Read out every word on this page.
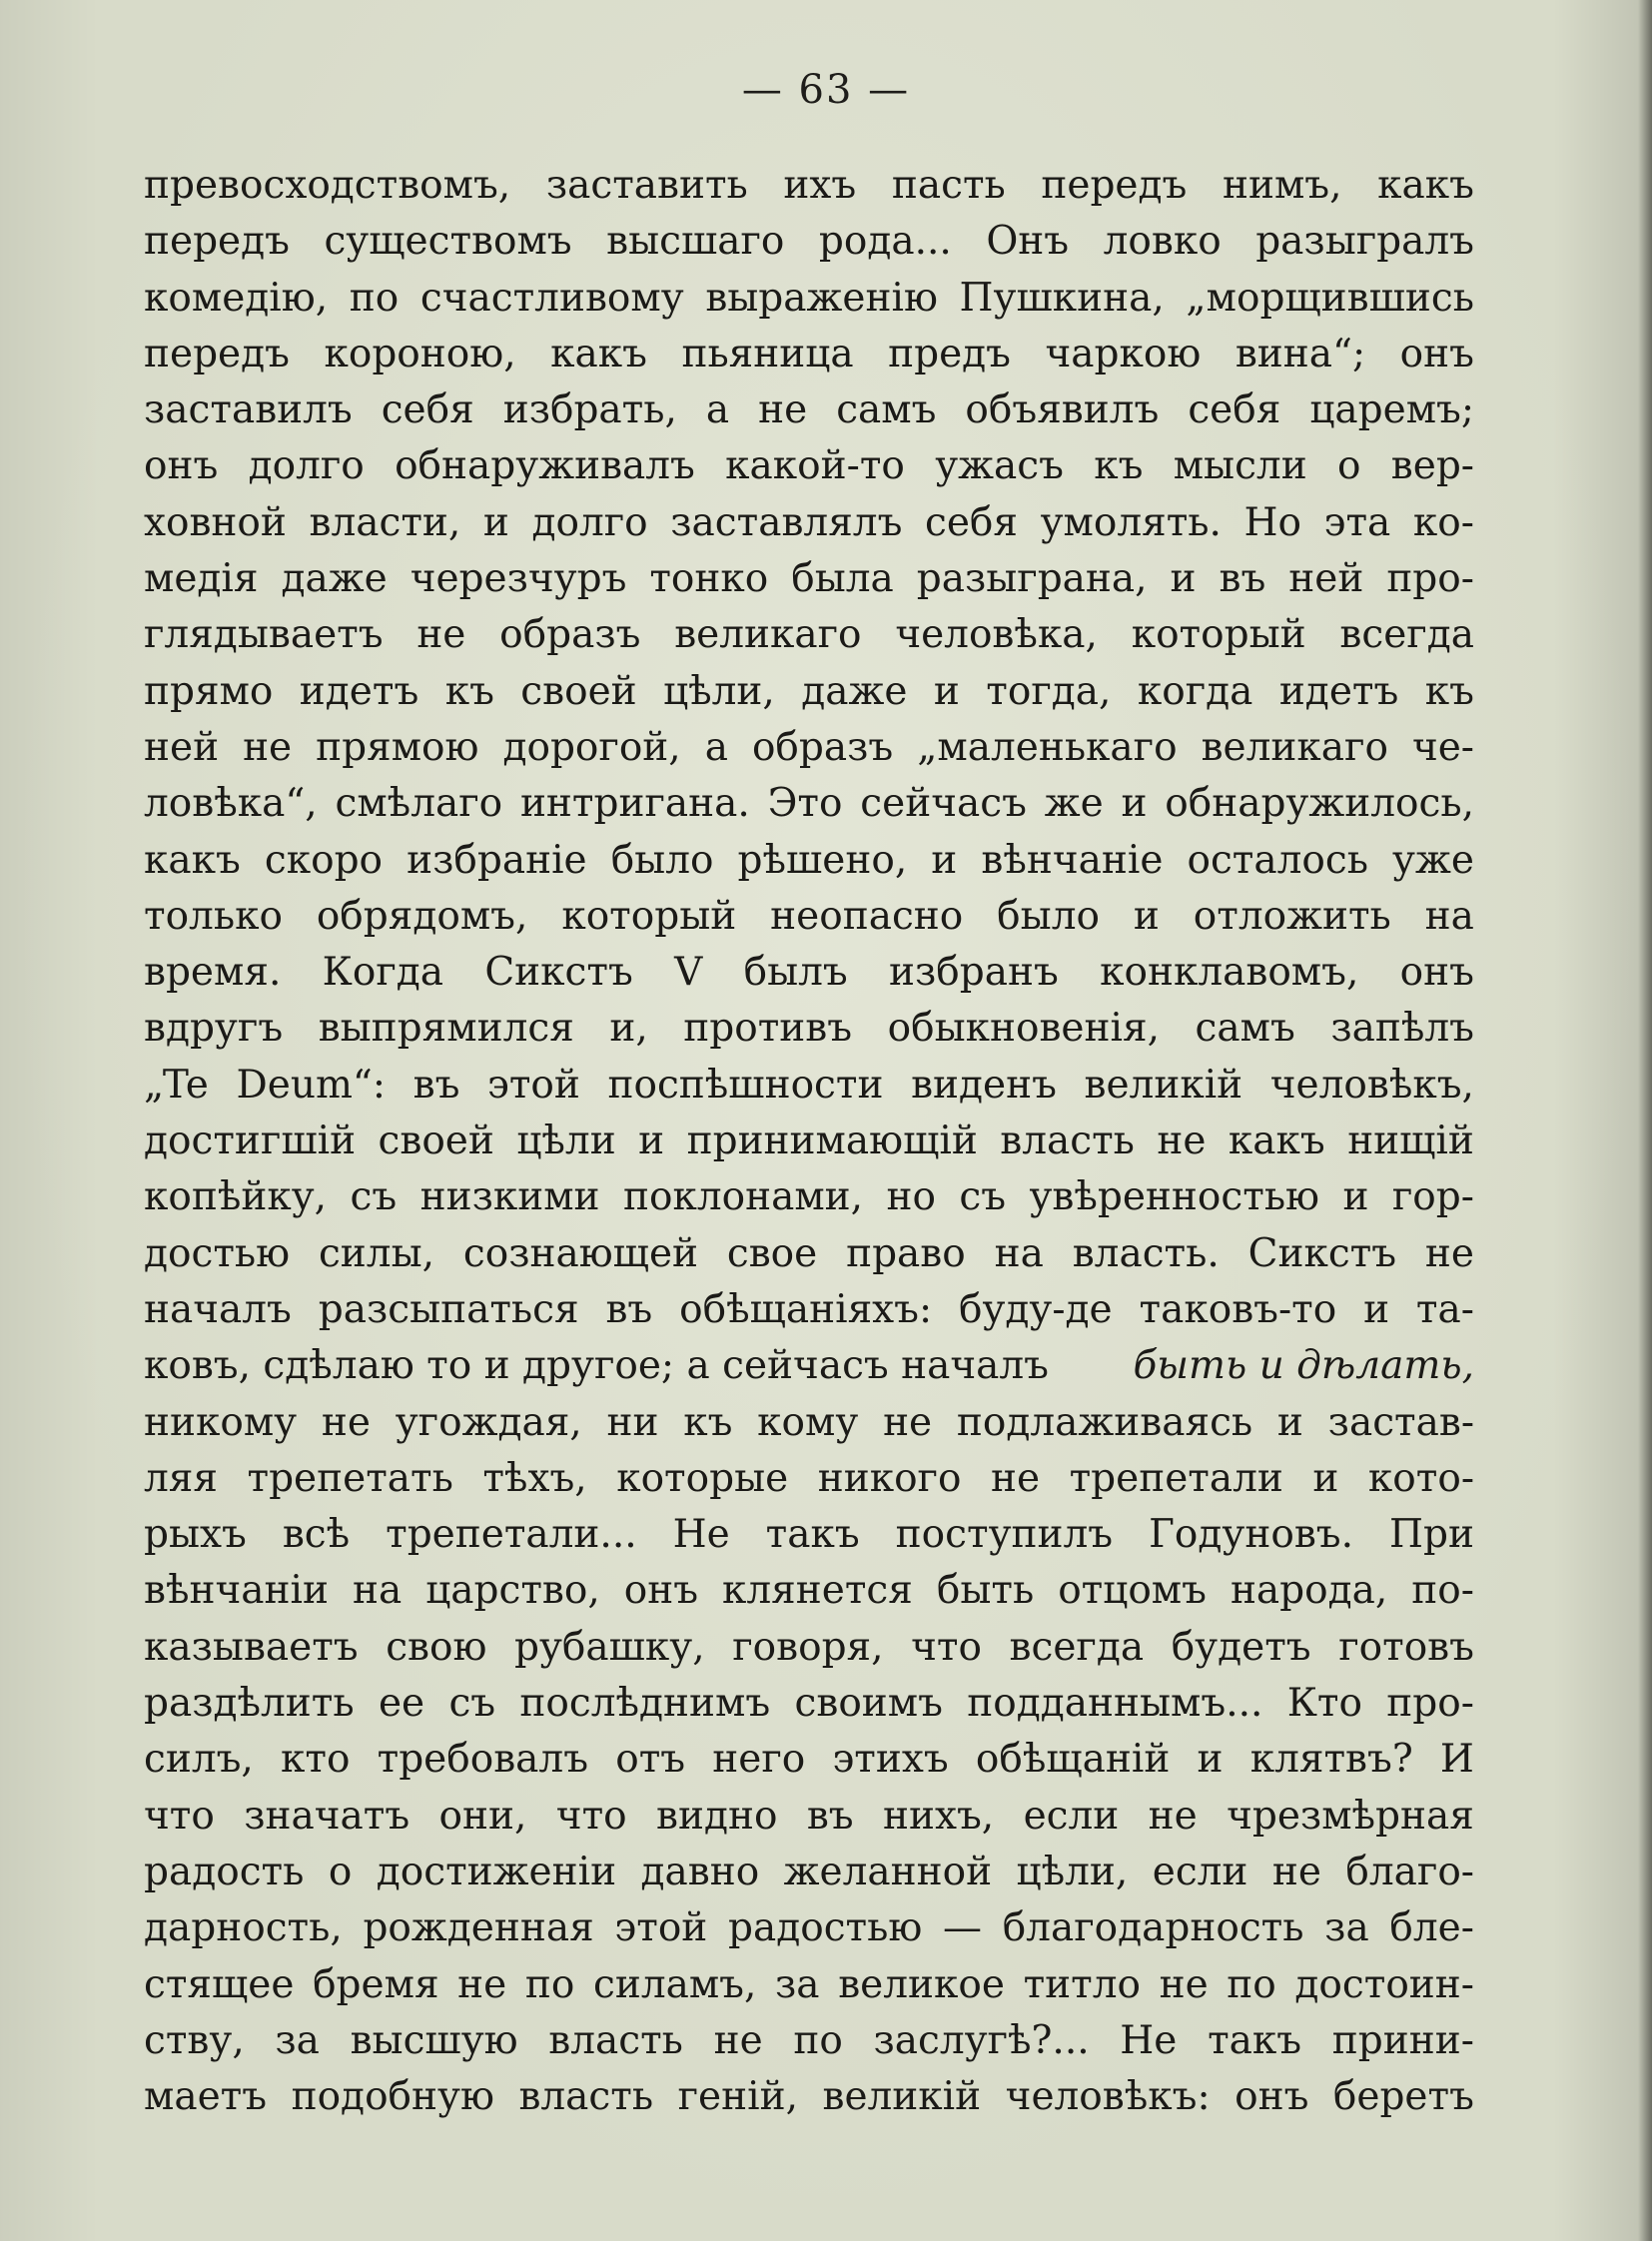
— 63 —
превосходствомъ, заставить ихъ пасть передъ нимъ, какъ
передъ существомъ высшаго рода... Онъ ловко разыгралъ
комедію, по счастливому выраженію Пушкина, „морщившись
передъ короною, какъ пьяница предъ чаркою вина“; онъ
заставилъ себя избрать, а не самъ объявилъ себя царемъ;
онъ долго обнаруживалъ какой-то ужасъ къ мысли о вер-
ховной власти, и долго заставлялъ себя умолять. Но эта ко-
медія даже черезчуръ тонко была разыграна, и въ ней про-
глядываетъ не образъ великаго человѣка, который всегда
прямо идетъ къ своей цѣли, даже и тогда, когда идетъ къ
ней не прямою дорогой, а образъ „маленькаго великаго че-
ловѣка“, смѣлаго интригана. Это сейчасъ же и обнаружилось,
какъ скоро избраніе было рѣшено, и вѣнчаніе осталось уже
только обрядомъ, который неопасно было и отложить на
время. Когда Сикстъ V былъ избранъ конклавомъ, онъ
вдругъ выпрямился и, противъ обыкновенія, самъ запѣлъ
„Te Deum“: въ этой поспѣшности виденъ великій человѣкъ,
достигшій своей цѣли и принимающій власть не какъ нищій
копѣйку, съ низкими поклонами, но съ увѣренностью и гор-
достью силы, сознающей свое право на власть. Сикстъ не
началъ разсыпаться въ обѣщаніяхъ: буду-де таковъ-то и та-
ковъ, сдѣлаю то и другое; а сейчасъ началъ быть и дѣлать,
никому не угождая, ни къ кому не подлаживаясь и застав-
ляя трепетать тѣхъ, которые никого не трепетали и кото-
рыхъ всѣ трепетали... Не такъ поступилъ Годуновъ. При
вѣнчаніи на царство, онъ клянется быть отцомъ народа, по-
казываетъ свою рубашку, говоря, что всегда будетъ готовъ
раздѣлить ее съ послѣднимъ своимъ подданнымъ... Кто про-
силъ, кто требовалъ отъ него этихъ обѣщаній и клятвъ? И
что значатъ они, что видно въ нихъ, если не чрезмѣрная
радость о достиженіи давно желанной цѣли, если не благо-
дарность, рожденная этой радостью — благодарность за бле-
стящее бремя не по силамъ, за великое титло не по достоин-
ству, за высшую власть не по заслугѣ?... Не такъ прини-
маетъ подобную власть геній, великій человѣкъ: онъ беретъ
